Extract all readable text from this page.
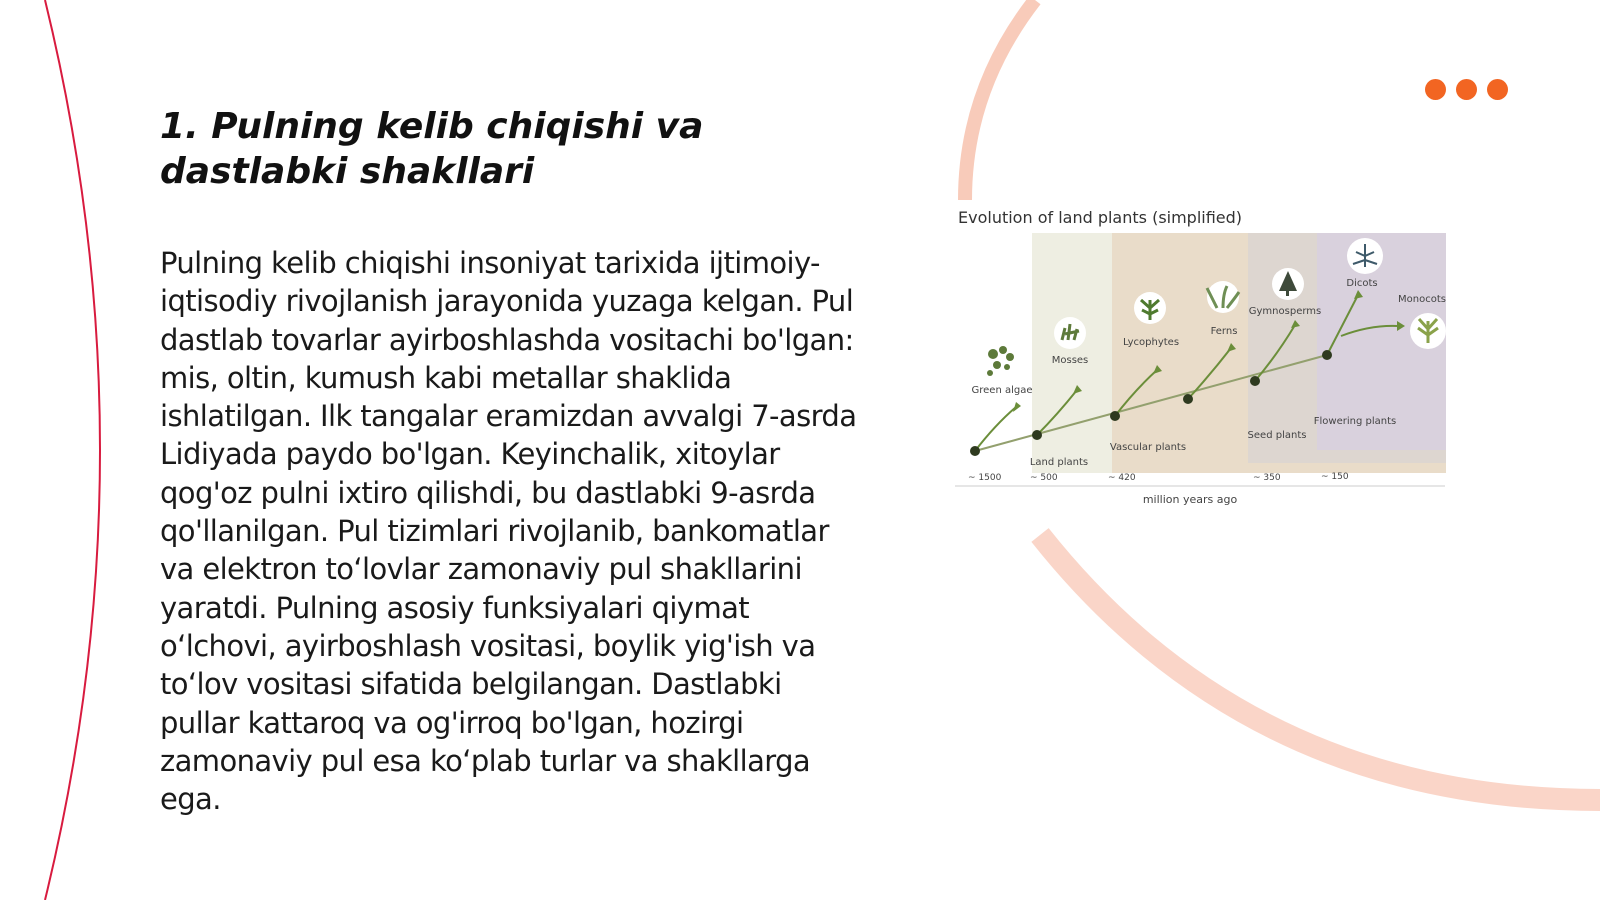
1. Pulning kelib chiqishi va dastlabki shakllari

Pulning kelib chiqishi insoniyat tarixida ijtimoiy-iqtisodiy rivojlanish jarayonida yuzaga kelgan. Pul dastlab tovarlar ayirboshlashda vositachi bo'lgan: mis, oltin, kumush kabi metallar shaklida ishlatilgan. Ilk tangalar eramizdan avvalgi 7-asrda Lidiyada paydo bo'lgan. Keyinchalik, xitoylar qog'oz pulni ixtiro qilishdi, bu dastlabki 9-asrda qo'llanilgan. Pul tizimlari rivojlanib, bankomatlar va elektron to‘lovlar zamonaviy pul shakllarini yaratdi. Pulning asosiy funksiyalari qiymat o‘lchovi, ayirboshlash vositasi, boylik yig'ish va to‘lov vositasi sifatida belgilangan. Dastlabki pullar kattaroq va og'irroq bo'lgan, hozirgi zamonaviy pul esa ko‘plab turlar va shakllarga ega.

Evolution of land plants (simplified)
Green algae
Mosses
Lycophytes
Ferns
Gymnosperms
Dicots
Monocots
Land plants
Vascular plants
Seed plants
Flowering plants
~ 1500	~ 500	~ 420	~ 350	~ 150
million years ago
